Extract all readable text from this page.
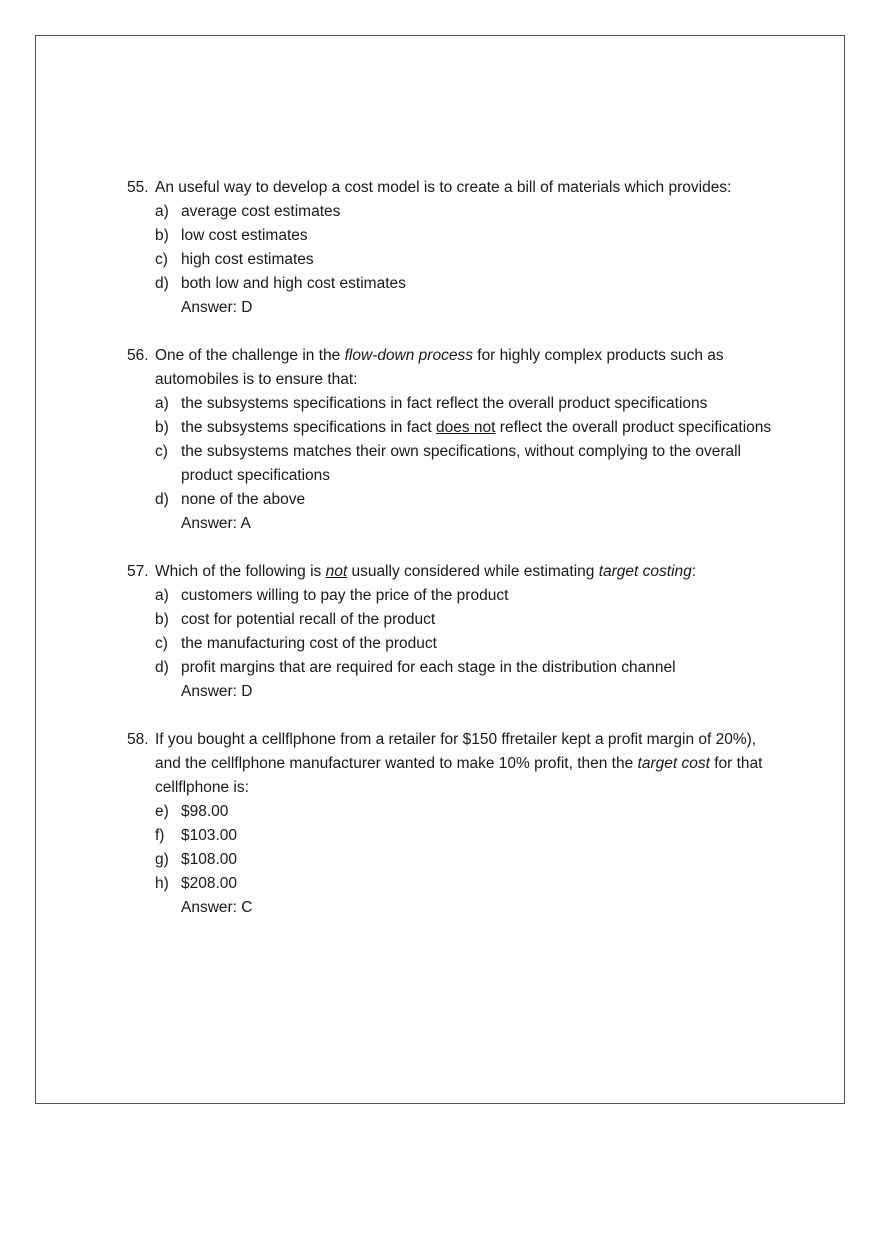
55. An useful way to develop a cost model is to create a bill of materials which provides:
a) average cost estimates
b) low cost estimates
c) high cost estimates
d) both low and high cost estimates
Answer: D
56. One of the challenge in the flow-down process for highly complex products such as automobiles is to ensure that:
a) the subsystems specifications in fact reflect the overall product specifications
b) the subsystems specifications in fact does not reflect the overall product specifications
c) the subsystems matches their own specifications, without complying to the overall product specifications
d) none of the above
Answer: A
57. Which of the following is not usually considered while estimating target costing:
a) customers willing to pay the price of the product
b) cost for potential recall of the product
c) the manufacturing cost of the product
d) profit margins that are required for each stage in the distribution channel
Answer: D
58. If you bought a cellflphone from a retailer for $150 ffretailer kept a profit margin of 20%), and the cellflphone manufacturer wanted to make 10% profit, then the target cost for that cellflphone is:
e) $98.00
f)	$103.00
g) $108.00
h) $208.00
Answer: C
